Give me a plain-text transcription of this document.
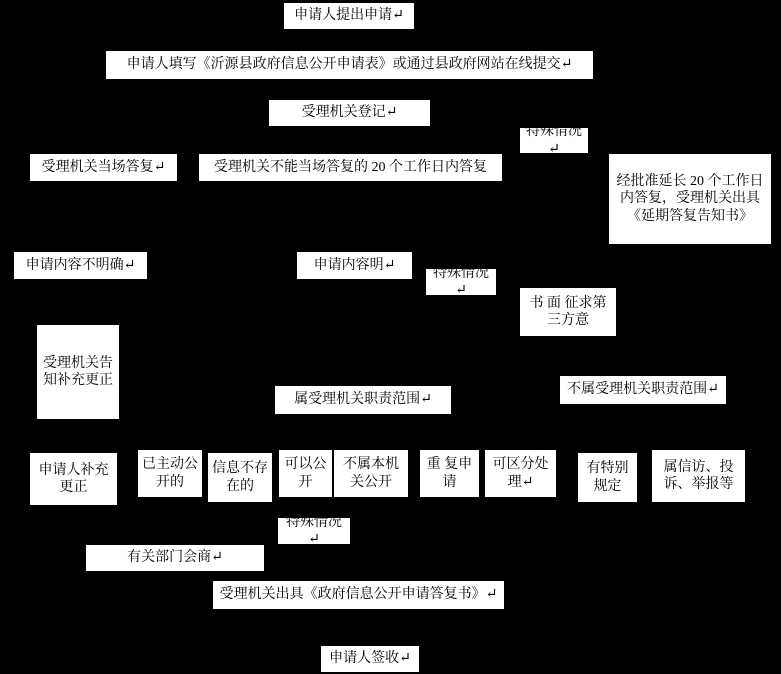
申请人提出申请↵
申请人填写《沂源县政府信息公开申请表》或通过县政府网站在线提交↵
受理机关登记↵
特殊情况↵
受理机关当场答复↵	受理机关不能当场答复的 20 个工作日内答复
经批准延长 20 个工作日内答复，受理机关出具《延期答复告知书》
申请内容不明确↵	申请内容明↵
特殊情况↵
书 面 征求第三方意
受理机关告知补充更正
属受理机关职责范围↵
不属受理机关职责范围↵
申请人补充更正
已主动公开的
信息不存在的
可以公开
不属本机关公开
重 复申请
可区分处理↵
有特别规定
属信访、投诉、举报等
特殊情况↵
有关部门会商↵
受理机关出具《政府信息公开申请答复书》↵
申请人签收↵
